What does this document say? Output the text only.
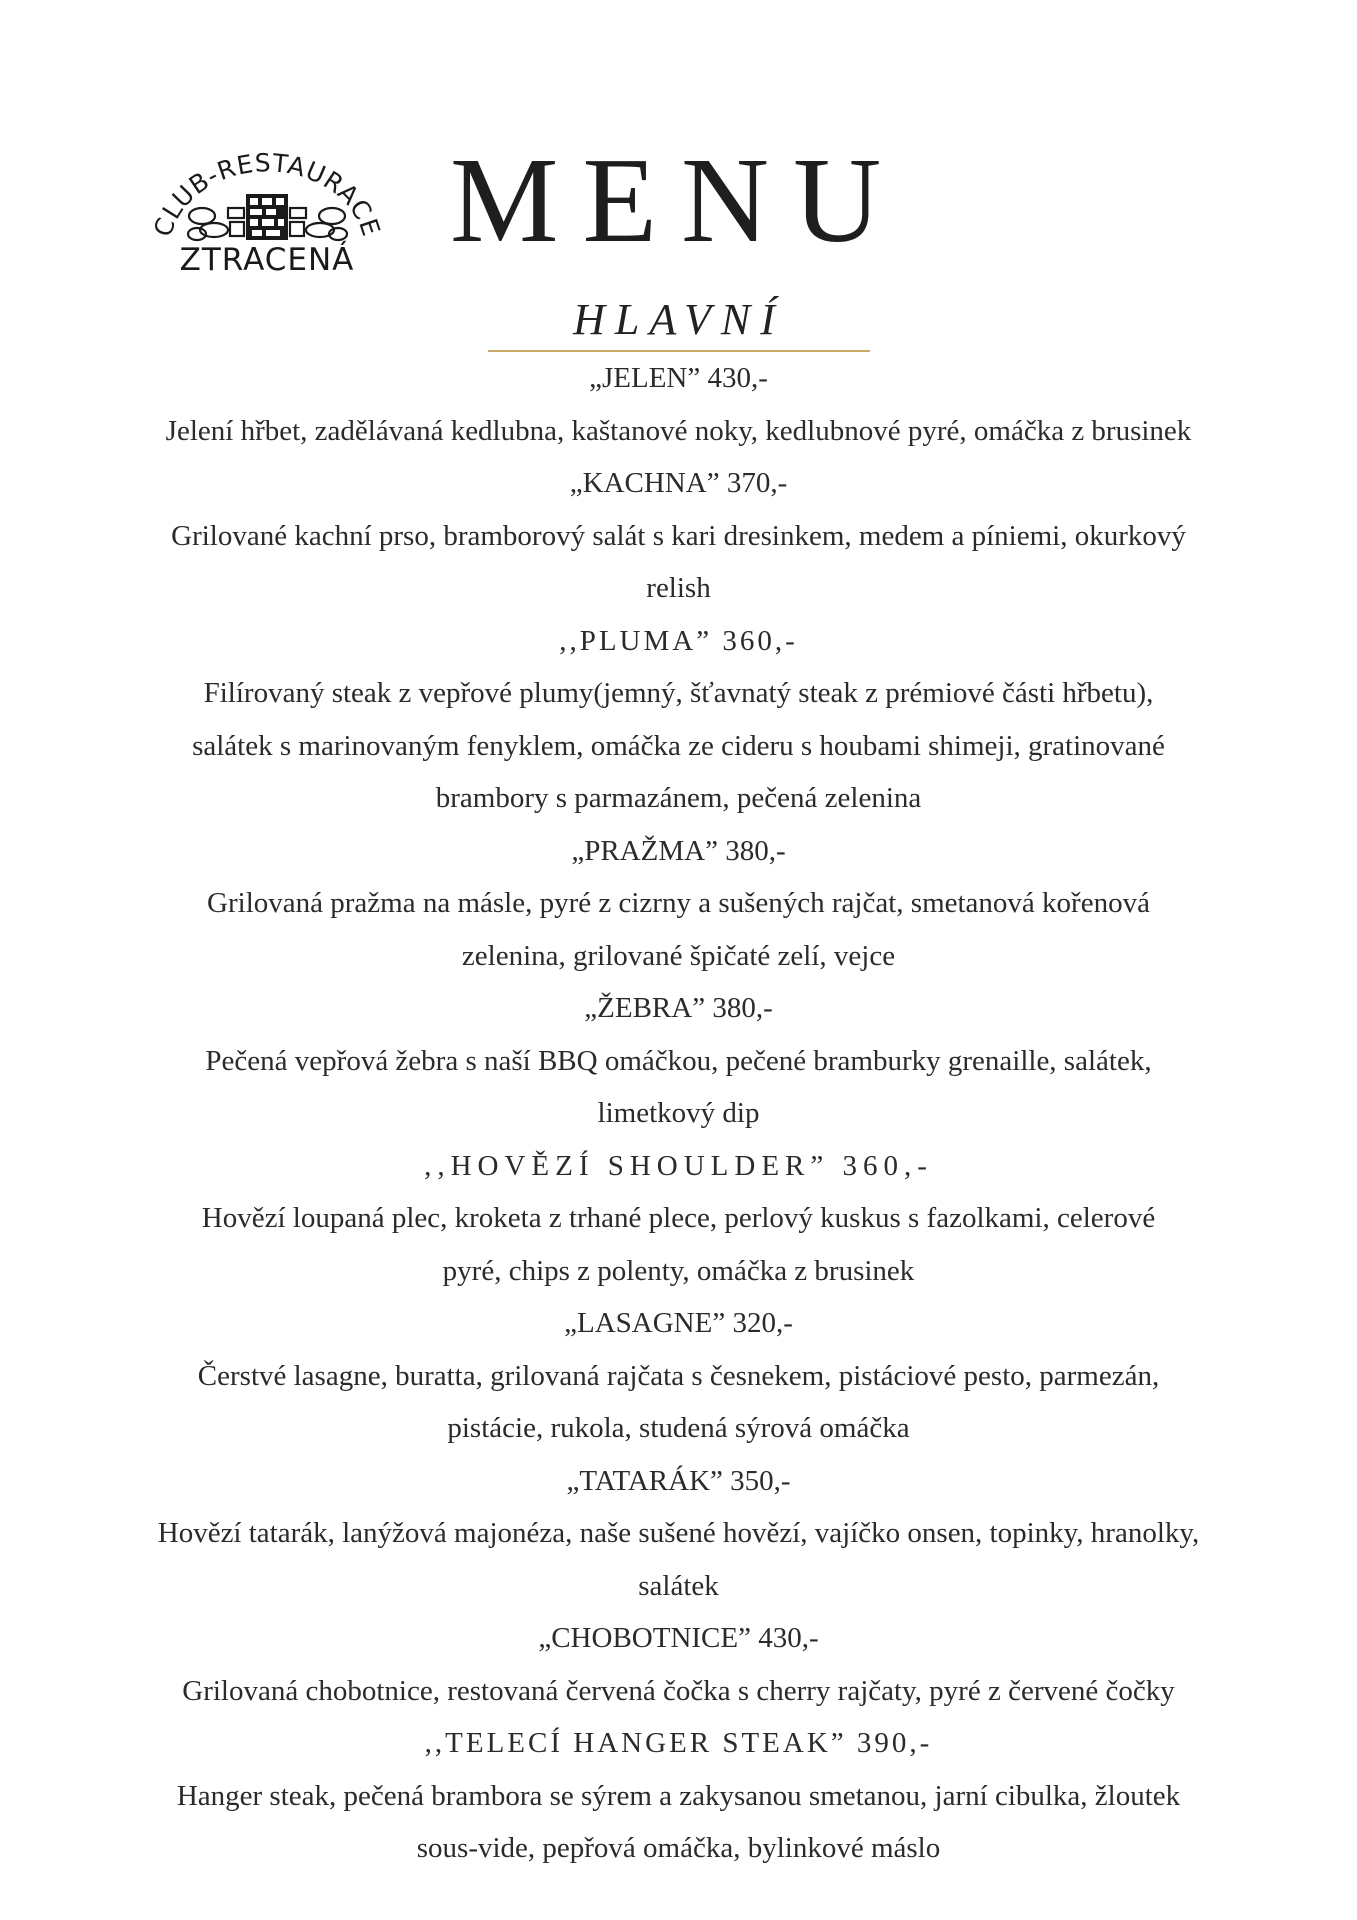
CLUB-RESTAURACE
ZTRACENÁ MENU
HLAVNÍ
„JELEN” 430,-
Jelení hřbet, zadělávaná kedlubna, kaštanové noky, kedlubnové pyré, omáčka z brusinek
„KACHNA” 370,-
Grilované kachní prso, bramborový salát s kari dresinkem, medem a píniemi, okurkový
relish
,,PLUMA” 360,-
Filírovaný steak z vepřové plumy(jemný, šťavnatý steak z prémiové části hřbetu),
salátek s marinovaným fenyklem, omáčka ze cideru s houbami shimeji, gratinované
brambory s parmazánem, pečená zelenina
„PRAŽMA” 380,-
Grilovaná pražma na másle, pyré z cizrny a sušených rajčat, smetanová kořenová
zelenina, grilované špičaté zelí, vejce
„ŽEBRA” 380,-
Pečená vepřová žebra s naší BBQ omáčkou, pečené bramburky grenaille, salátek,
limetkový dip
,,HOVĚZÍ SHOULDER” 360,-
Hovězí loupaná plec, kroketa z trhané plece, perlový kuskus s fazolkami, celerové
pyré, chips z polenty, omáčka z brusinek
„LASAGNE” 320,-
Čerstvé lasagne, buratta, grilovaná rajčata s česnekem, pistáciové pesto, parmezán,
pistácie, rukola, studená sýrová omáčka
„TATARÁK” 350,-
Hovězí tatarák, lanýžová majonéza, naše sušené hovězí, vajíčko onsen, topinky, hranolky,
salátek
„CHOBOTNICE” 430,-
Grilovaná chobotnice, restovaná červená čočka s cherry rajčaty, pyré z červené čočky
,,TELECÍ HANGER STEAK” 390,-
Hanger steak, pečená brambora se sýrem a zakysanou smetanou, jarní cibulka, žloutek
sous-vide, pepřová omáčka, bylinkové máslo
